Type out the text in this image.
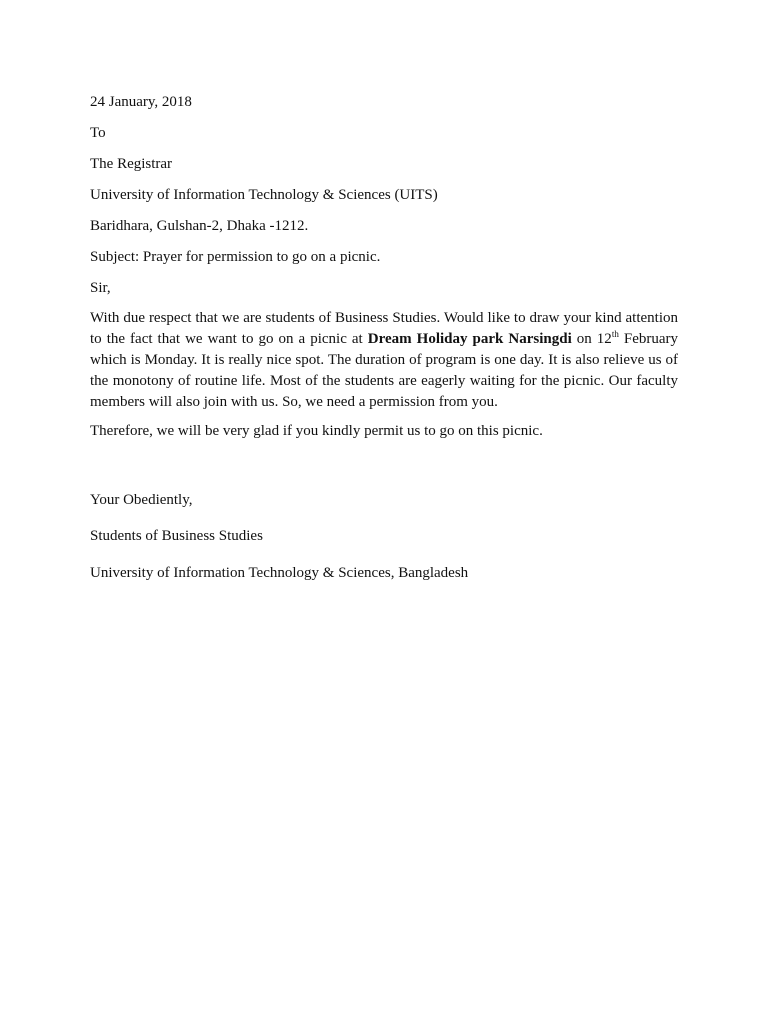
24 January, 2018
To
The Registrar
University of Information Technology & Sciences (UITS)
Baridhara, Gulshan-2, Dhaka -1212.
Subject: Prayer for permission to go on a picnic.
Sir,
With due respect that we are students of Business Studies. Would like to draw your kind attention
to the fact that we want to go on a picnic at Dream Holiday park Narsingdi on 12th February
which is Monday. It is really nice spot. The duration of program is one day. It is also relieve us of
the monotony of routine life. Most of the students are eagerly waiting for the picnic. Our faculty
members will also join with us. So, we need a permission from you.
Therefore, we will be very glad if you kindly permit us to go on this picnic.
Your Obediently,
Students of Business Studies
University of Information Technology & Sciences, Bangladesh
